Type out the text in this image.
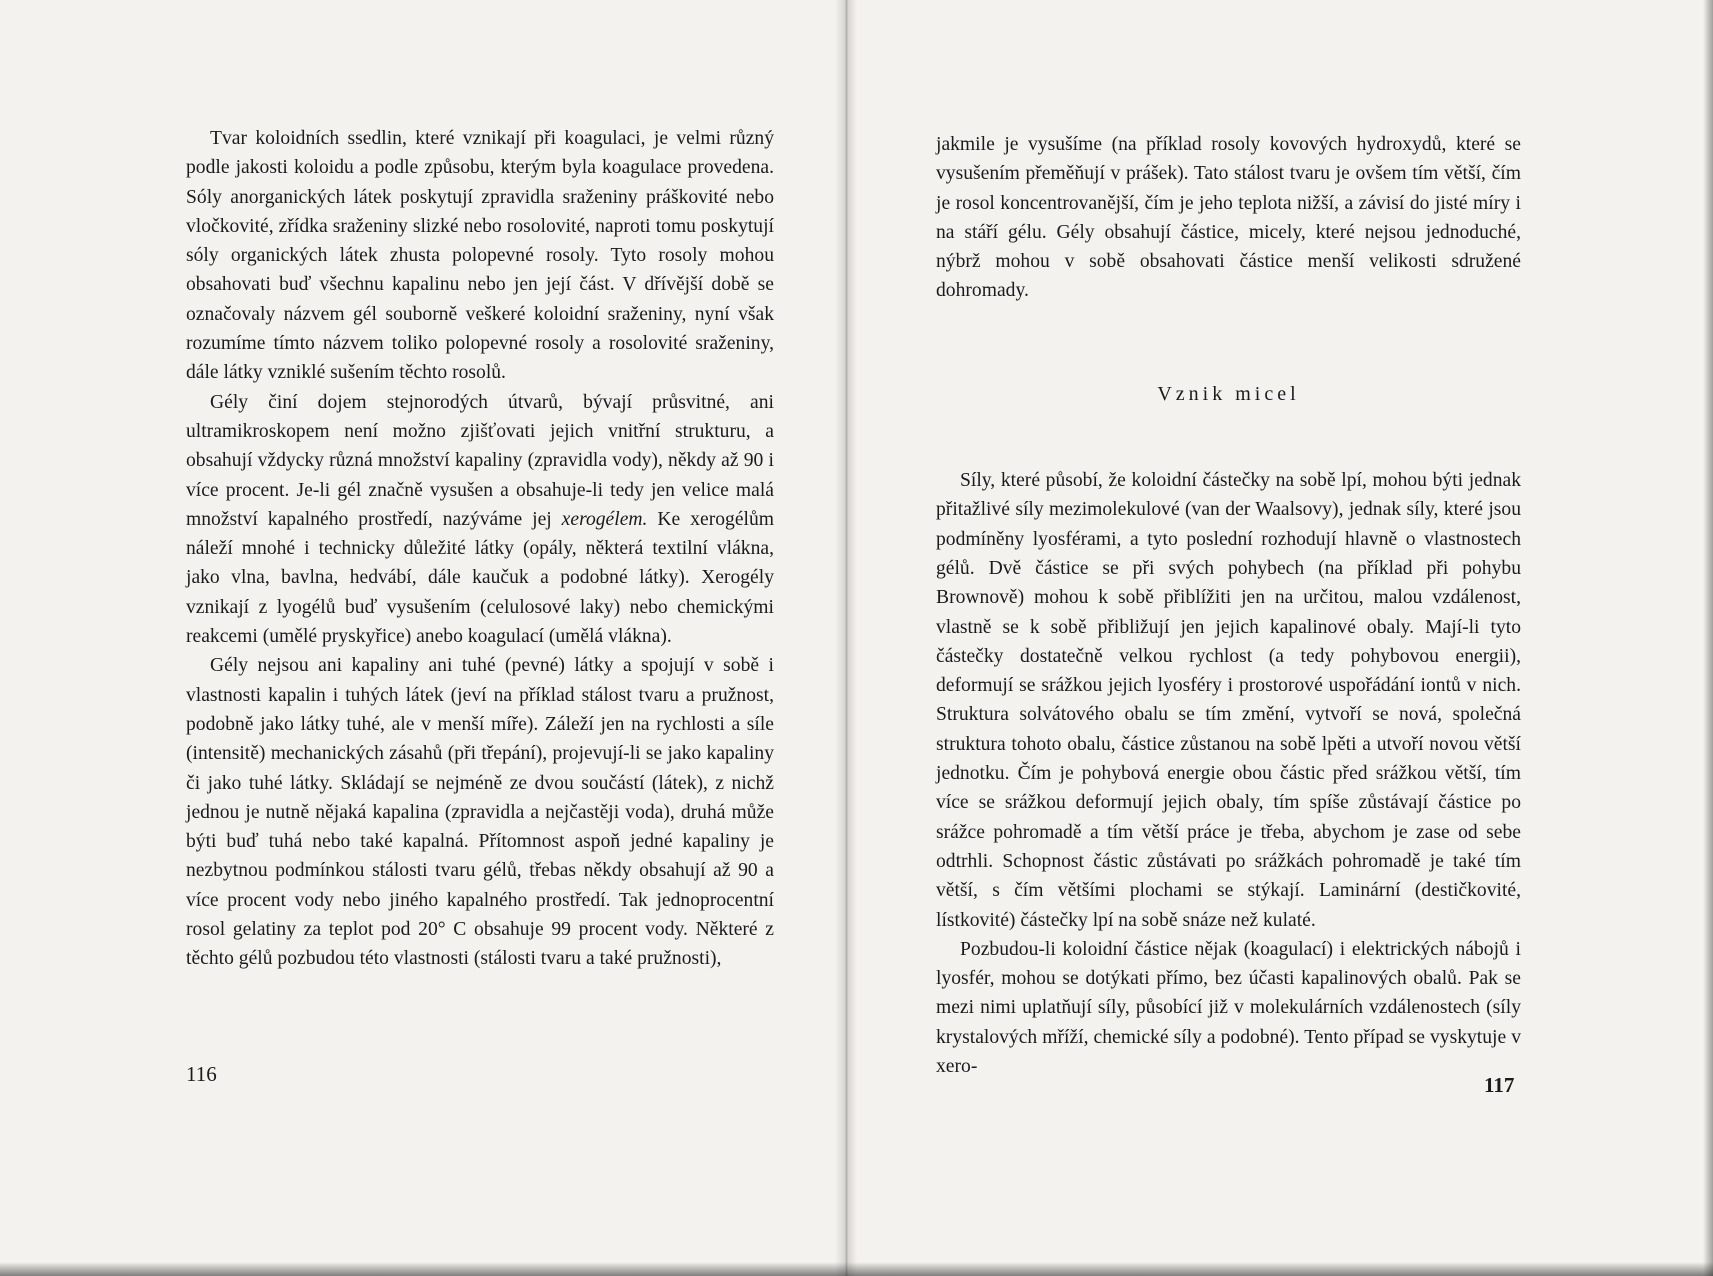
Tvar koloidních ssedlin, které vznikají při koagulaci, je velmi různý podle jakosti koloidu a podle způsobu, kterým byla koagulace provedena. Sóly anorganických látek poskytují zpravidla sraženiny práškovité nebo vločkovité, zřídka sraženiny slizké nebo rosolovité, naproti tomu poskytují sóly organických látek zhusta polopevné rosoly. Tyto rosoly mohou obsahovati buď všechnu kapalinu nebo jen její část. V dřívější době se označovaly názvem gél souborně veškeré koloidní sraženiny, nyní však rozumíme tímto názvem toliko polopevné rosoly a rosolovité sraženiny, dále látky vzniklé sušením těchto rosolů.

Gély činí dojem stejnorodých útvarů, bývají průsvitné, ani ultramikroskopem není možno zjišťovati jejich vnitřní strukturu, a obsahují vždycky různá množství kapaliny (zpravidla vody), někdy až 90 i více procent. Je-li gél značně vysušen a obsahuje-li tedy jen velice malá množství kapalného prostředí, nazýváme jej xerogélem. Ke xerogélům náleží mnohé i technicky důležité látky (opály, některá textilní vlákna, jako vlna, bavlna, hedvábí, dále kaučuk a podobné látky). Xerogély vznikají z lyogélů buď vysušením (celulosové laky) nebo chemickými reakcemi (umělé pryskyřice) anebo koagulací (umělá vlákna).

Gély nejsou ani kapaliny ani tuhé (pevné) látky a spojují v sobě i vlastnosti kapalin i tuhých látek (jeví na příklad stálost tvaru a pružnost, podobně jako látky tuhé, ale v menší míře). Záleží jen na rychlosti a síle (intensitě) mechanických zásahů (při třepání), projevují-li se jako kapaliny či jako tuhé látky. Skládají se nejméně ze dvou součástí (látek), z nichž jednou je nutně nějaká kapalina (zpravidla a nejčastěji voda), druhá může býti buď tuhá nebo také kapalná. Přítomnost aspoň jedné kapaliny je nezbytnou podmínkou stálosti tvaru gélů, třebas někdy obsahují až 90 a více procent vody nebo jiného kapalného prostředí. Tak jednoprocentní rosol gelatiny za teplot pod 20° C obsahuje 99 procent vody. Některé z těchto gélů pozbudou této vlastnosti (stálosti tvaru a také pružnosti),

116

jakmile je vysušíme (na příklad rosoly kovových hydroxydů, které se vysušením přeměňují v prášek). Tato stálost tvaru je ovšem tím větší, čím je rosol koncentrovanější, čím je jeho teplota nižší, a závisí do jisté míry i na stáří gélu. Gély obsahují částice, micely, které nejsou jednoduché, nýbrž mohou v sobě obsahovati částice menší velikosti sdružené dohromady.

Vznik micel

Síly, které působí, že koloidní částečky na sobě lpí, mohou býti jednak přitažlivé síly mezimolekulové (van der Waalsovy), jednak síly, které jsou podmíněny lyosférami, a tyto poslední rozhodují hlavně o vlastnostech gélů. Dvě částice se při svých pohybech (na příklad při pohybu Brownově) mohou k sobě přiblížiti jen na určitou, malou vzdálenost, vlastně se k sobě přibližují jen jejich kapalinové obaly. Mají-li tyto částečky dostatečně velkou rychlost (a tedy pohybovou energii), deformují se srážkou jejich lyosféry i prostorové uspořádání iontů v nich. Struktura solvátového obalu se tím změní, vytvoří se nová, společná struktura tohoto obalu, částice zůstanou na sobě lpěti a utvoří novou větší jednotku. Čím je pohybová energie obou částic před srážkou větší, tím více se srážkou deformují jejich obaly, tím spíše zůstávají částice po srážce pohromadě a tím větší práce je třeba, abychom je zase od sebe odtrhli. Schopnost částic zůstávati po srážkách pohromadě je také tím větší, s čím většími plochami se stýkají. Laminární (destičkovité, lístkovité) částečky lpí na sobě snáze než kulaté.

Pozbudou-li koloidní částice nějak (koagulací) i elektrických nábojů i lyosfér, mohou se dotýkati přímo, bez účasti kapalinových obalů. Pak se mezi nimi uplatňují síly, působící již v molekulárních vzdálenostech (síly krystalových mříží, chemické síly a podobné). Tento případ se vyskytuje v xero-

117
